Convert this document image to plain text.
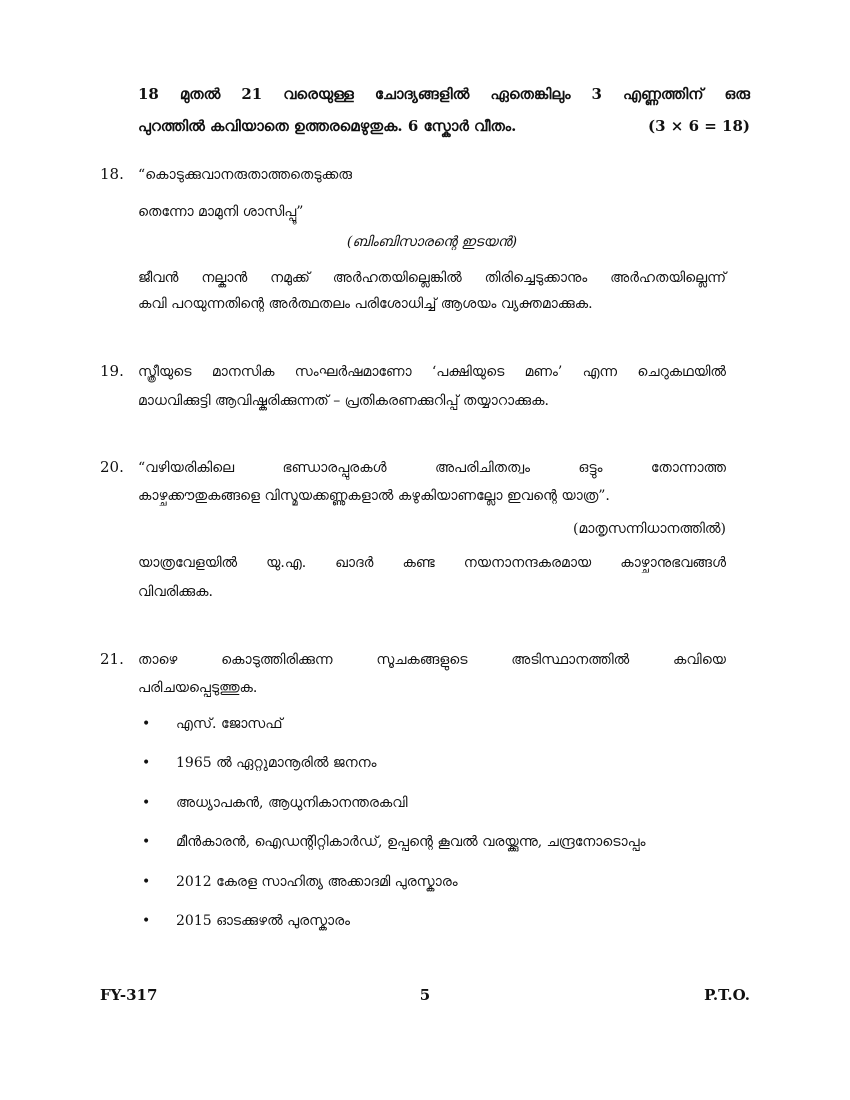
18 മുതൽ 21 വരെയുള്ള ചോദ്യങ്ങളിൽ ഏതെങ്കിലും 3 എണ്ണത്തിന് ഒരു
പുറത്തിൽ കവിയാതെ ഉത്തരമെഴുതുക. 6 സ്കോർ വീതം.	(3 × 6 = 18)
18. “കൊടുക്കുവാനരുതാത്തതെടുക്കരു
തെന്നോ മാമുനി ശാസിപ്പൂ”
(ബിംബിസാരന്റെ ഇടയൻ)
ജീവൻ നല്കാൻ നമുക്ക് അർഹതയില്ലെങ്കിൽ തിരിച്ചെടുക്കാനും അർഹതയില്ലെന്ന്
കവി പറയുന്നതിന്റെ അർത്ഥതലം പരിശോധിച്ച് ആശയം വ്യക്തമാക്കുക.
19. സ്ത്രീയുടെ മാനസിക സംഘർഷമാണോ ‘പക്ഷിയുടെ മണം’ എന്ന ചെറുകഥയിൽ
മാധവിക്കുട്ടി ആവിഷ്കരിക്കുന്നത് – പ്രതികരണക്കുറിപ്പ് തയ്യാറാക്കുക.
20. “വഴിയരികിലെ ഭണ്ഡാരപ്പുരകൾ അപരിചിതത്വം ഒട്ടും തോന്നാത്ത
കാഴ്ചക്കൗതുകങ്ങളെ വിസ്മയക്കണ്ണുകളാൽ കഴുകിയാണല്ലോ ഇവന്റെ യാത്ര”.
(മാതൃസന്നിധാനത്തിൽ)
യാത്രവേളയിൽ യു.എ. ഖാദർ കണ്ട നയനാനന്ദകരമായ കാഴ്ചാനുഭവങ്ങൾ
വിവരിക്കുക.
21. താഴെ കൊടുത്തിരിക്കുന്ന സൂചകങ്ങളുടെ അടിസ്ഥാനത്തിൽ കവിയെ
പരിചയപ്പെടുത്തുക.
• എസ്. ജോസഫ്
• 1965 ൽ ഏറ്റുമാനൂരിൽ ജനനം
• അധ്യാപകൻ, ആധുനികാനന്തരകവി
• മീൻകാരൻ, ഐഡന്റിറ്റികാർഡ്, ഉപ്പന്റെ കൂവൽ വരയ്ക്കുന്നു, ചന്ദ്രനോടൊപ്പം
• 2012 കേരള സാഹിത്യ അക്കാദമി പുരസ്കാരം
• 2015 ഓടക്കുഴൽ പുരസ്കാരം
FY-317	5	P.T.O.
